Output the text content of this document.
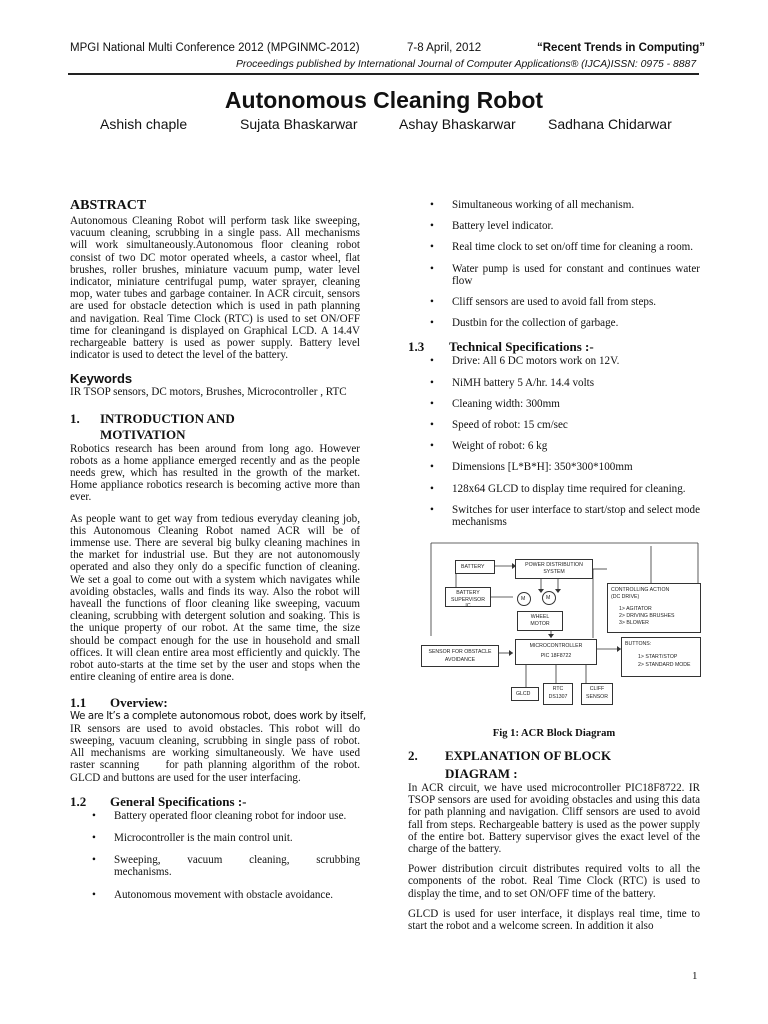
MPGI National Multi Conference 2012 (MPGINMC-2012)	7-8 April, 2012	“Recent Trends in Computing”
Proceedings published by International Journal of Computer Applications® (IJCA)ISSN: 0975 - 8887
Autonomous Cleaning Robot
Ashish chaple	Sujata Bhaskarwar	Ashay Bhaskarwar Sadhana Chidarwar
ABSTRACT
Autonomous Cleaning Robot will perform task like sweeping, vacuum cleaning, scrubbing in a single pass. All mechanisms will work simultaneously.Autonomous floor cleaning robot consist of two DC motor operated wheels, a castor wheel, flat brushes, roller brushes, miniature vacuum pump, water level indicator, miniature centrifugal pump, water sprayer, cleaning mop, water tubes and garbage container. In ACR circuit, sensors are used for obstacle detection which is used in path planning and navigation. Real Time Clock (RTC) is used to set ON/OFF time for cleaningand is displayed on Graphical LCD. A 14.4V rechargeable battery is used as power supply. Battery level indicator is used to detect the level of the battery.
Keywords
IR TSOP sensors, DC motors, Brushes, Microcontroller , RTC
1.	INTRODUCTION AND
MOTIVATION
Robotics research has been around from long ago. However robots as a home appliance emerged recently and as the people needs grew, which has resulted in the growth of the market. Home appliance robotics research is becoming active more than ever.
As people want to get way from tedious everyday cleaning job, this Autonomous Cleaning Robot named ACR will be of immense use. There are several big bulky cleaning machines in the market for industrial use. But they are not autonomously operated and also they only do a specific function of cleaning. We set a goal to come out with a system which navigates while avoiding obstacles, walls and finds its way. Also the robot will haveall the functions of floor cleaning like sweeping, vacuum cleaning, scrubbing with detergent solution and soaking. This is the unique property of our robot. At the same time, the size should be compact enough for the use in household and small offices. It will clean entire area most efficiently and quickly. The robot auto-starts at the time set by the user and stops when the entire cleaning of entire area is done.
1.1	Overview:
We are It’s a complete autonomous robot, does work by itself,
IR sensors are used to avoid obstacles. This robot will do sweeping, vacuum cleaning, scrubbing in single pass of robot. All mechanisms are working simultaneously. We have used raster scanning     for path planning algorithm of the robot. GLCD and buttons are used for the user interfacing.
1.2	General Specifications :-
• Battery operated floor cleaning robot for indoor use.
• Microcontroller is the main control unit.
• Sweeping,        vacuum        cleaning,        scrubbing mechanisms.
• Autonomous movement with obstacle avoidance.
• Simultaneous working of all mechanism.
• Battery level indicator.
• Real time clock to set on/off time for cleaning a room.
• Water pump is used for constant and continues water flow
• Cliff sensors are used to avoid fall from steps.
• Dustbin for the collection of garbage.
1.3	Technical Specifications :-
• Drive: All 6 DC motors work on 12V.
• NiMH battery 5 A/hr. 14.4 volts
• Cleaning width: 300mm
• Speed of robot: 15 cm/sec
• Weight of robot: 6 kg
• Dimensions [L*B*H]: 350*300*100mm
• 128x64 GLCD to display time required for cleaning.
• Switches for user interface to start/stop and select mode mechanisms
BATTERY	POWER DISTRIBUTION
SYSTEM
BATTERY
SUPERVISOR IC
M	M
WHEEL
MOTOR
CONTROLLING ACTION
(DC DRIVE)
1> AGITATOR
2> DRIVING BRUSHES
3> BLOWER
SENSOR FOR OBSTACLE
AVOIDANCE
MICROCONTROLLER
PIC 18F8722
BUTTONS:
1> START/STOP
2> STANDARD MODE
GLCD
RTC
DS1307
CLIFF
SENSOR
Fig 1: ACR Block Diagram
2.	EXPLANATION OF BLOCK
DIAGRAM :
In ACR circuit, we have used microcontroller PIC18F8722. IR TSOP sensors are used for avoiding obstacles and using this data for path planning and navigation. Cliff sensors are used to avoid fall from steps. Rechargeable battery is used as the power supply of the entire bot. Battery supervisor gives the exact level of the charge of the battery.
Power distribution circuit distributes required volts to all the components of the robot. Real Time Clock (RTC) is used to display the time, and to set ON/OFF time of the battery.
GLCD is used for user interface, it displays real time, time to start the robot and a welcome screen. In addition it also
1
